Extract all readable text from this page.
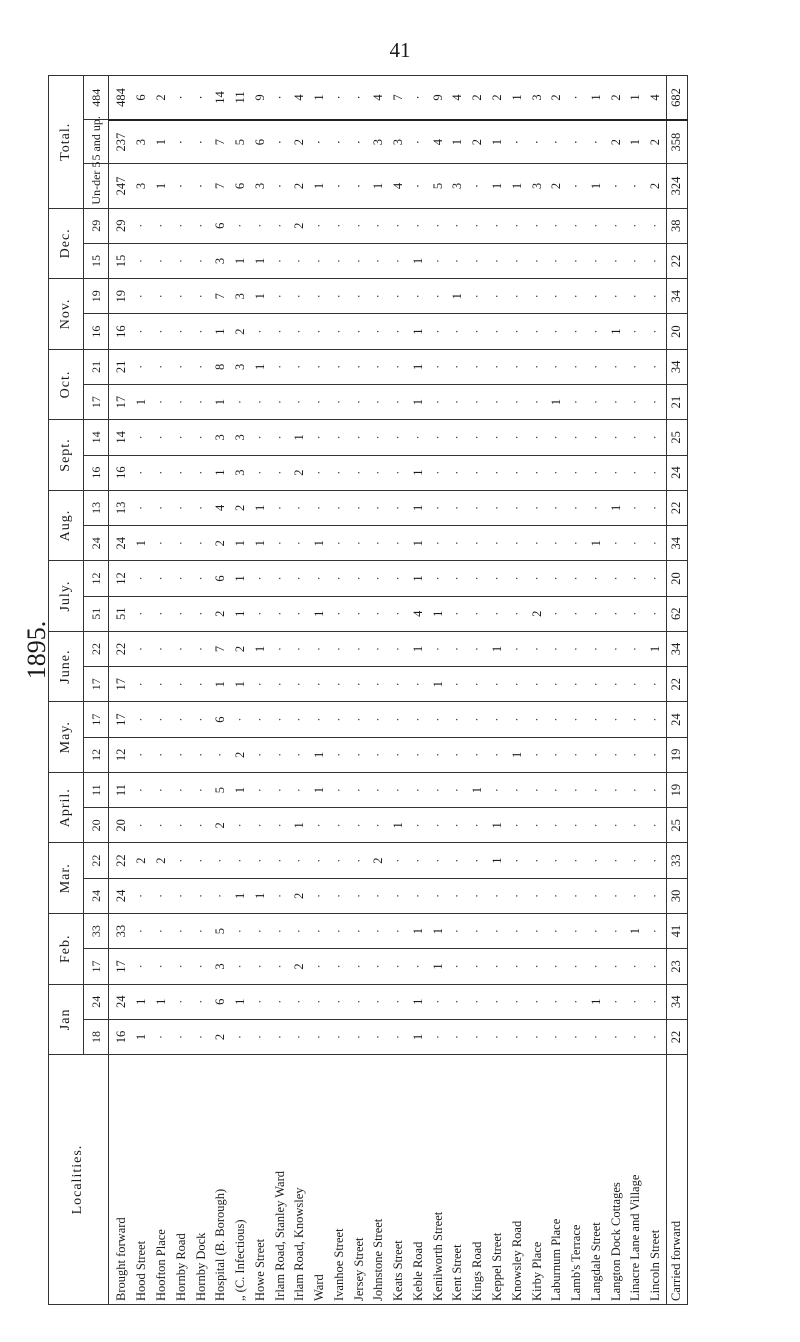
41
1895.
Localities.	Jan		Feb.		Mar.		April.		May.		June.		July.		Aug.		Sept.		Oct.		Nov.		Dec.		Total.		
	18	24	17	33	24	22	20	11	12	17	17	22	51	12	24	13	16	14	17	21	16	19	15	29	Un-der 5	5 and up.	484
Brought forward	16	24	17	33	24	22	20	11	12	17	17	22	51	12	24	13	16	14	17	21	16	19	15	29	247	237	484
Hood Street	1	1	·	·	·	2	·	·	·	·	·	·	·	·	1	·	·	·	1	·	·	·	·	·	3	3	6
Hoofton Place	·	1	·	·	·	2	·	·	·	·	·	·	·	·	·	·	·	·	·	·	·	·	·	·	1	1	2
Hornby Road	·	·	·	·	·	·	·	·	·	·	·	·	·	·	·	·	·	·	·	·	·	·	·	·	·	·	·
Hornby Dock	·	·	·	·	·	·	·	·	·	·	·	·	·	·	·	·	·	·	·	·	·	·	·	·	·	·	·
Hospital (B. Borough)	2	6	3	5	·	·	2	5	·	6	1	7	2	6	2	4	1	3	1	8	1	7	3	6	7	7	14
„ (C. Infectious)	·	1	·	·	1	·	·	1	2	·	1	2	1	1	1	2	3	3	·	3	2	3	1	·	6	5	11
Howe Street	·	·	·	·	1	·	·	·	·	·	·	1	·	·	1	1	·	·	·	1	·	1	1	·	3	6	9
Irlam Road, Stanley Ward	·	·	·	·	·	·	·	·	·	·	·	·	·	·	·	·	·	·	·	·	·	·	·	·	·	·	·
Irlam Road, Knowsley	·	·	2	·	2	·	1	·	·	·	·	·	·	·	·	·	2	1	·	·	·	·	·	2	2	2	4
Ward	·	·	·	·	·	·	·	1	1	·	·	·	1	·	1	·	·	·	·	·	·	·	·	·	1	·	1
Ivanhoe Street	·	·	·	·	·	·	·	·	·	·	·	·	·	·	·	·	·	·	·	·	·	·	·	·	·	·	·
Jersey Street	·	·	·	·	·	·	·	·	·	·	·	·	·	·	·	·	·	·	·	·	·	·	·	·	·	·	·
Johnstone Street	·	·	·	·	·	2	·	·	·	·	·	·	·	·	·	·	·	·	·	·	·	·	·	·	1	3	4
Keats Street	·	·	·	·	·	·	1	·	·	·	·	·	·	·	·	·	·	·	·	·	·	·	·	·	4	3	7
Keble Road	1	1	·	1	·	·	·	·	·	·	·	1	4	1	1	1	1	·	1	1	1	·	1	·	·	·	·
Kenilworth Street	·	·	1	1	·	·	·	·	·	·	1	·	1	·	·	·	·	·	·	·	·	·	·	·	5	4	9
Kent Street	·	·	·	·	·	·	·	·	·	·	·	·	·	·	·	·	·	·	·	·	·	1	·	·	3	1	4
Kings Road	·	·	·	·	·	·	·	1	·	·	·	·	·	·	·	·	·	·	·	·	·	·	·	·	·	2	2
Keppel Street	·	·	·	·	·	1	1	·	·	·	·	1	·	·	·	·	·	·	·	·	·	·	·	·	1	1	2
Knowsley Road	·	·	·	·	·	·	·	·	1	·	·	·	·	·	·	·	·	·	·	·	·	·	·	·	1	·	1
Kirby Place	·	·	·	·	·	·	·	·	·	·	·	·	2	·	·	·	·	·	·	·	·	·	·	·	3	·	3
Laburnum Place	·	·	·	·	·	·	·	·	·	·	·	·	·	·	·	·	·	·	1	·	·	·	·	·	2	·	2
Lamb's Terrace	·	·	·	·	·	·	·	·	·	·	·	·	·	·	·	·	·	·	·	·	·	·	·	·	·	·	·
Langdale Street	·	1	·	·	·	·	·	·	·	·	·	·	·	·	1	·	·	·	·	·	·	·	·	·	1	·	1
Langton Dock Cottages	·	·	·	·	·	·	·	·	·	·	·	·	·	·	·	1	·	·	·	·	1	·	·	·	·	2	2
Linacre Lane and Village	·	·	·	1	·	·	·	·	·	·	·	·	·	·	·	·	·	·	·	·	·	·	·	·	·	1	1
Lincoln Street	·	·	·	·	·	·	·	·	·	·	·	1	·	·	·	·	·	·	·	·	·	·	·	·	2	2	4
Carried forward	22	34	23	41	30	33	25	19	19	24	22	34	62	20	34	22	24	25	21	34	20	34	22	38	324	358	682
